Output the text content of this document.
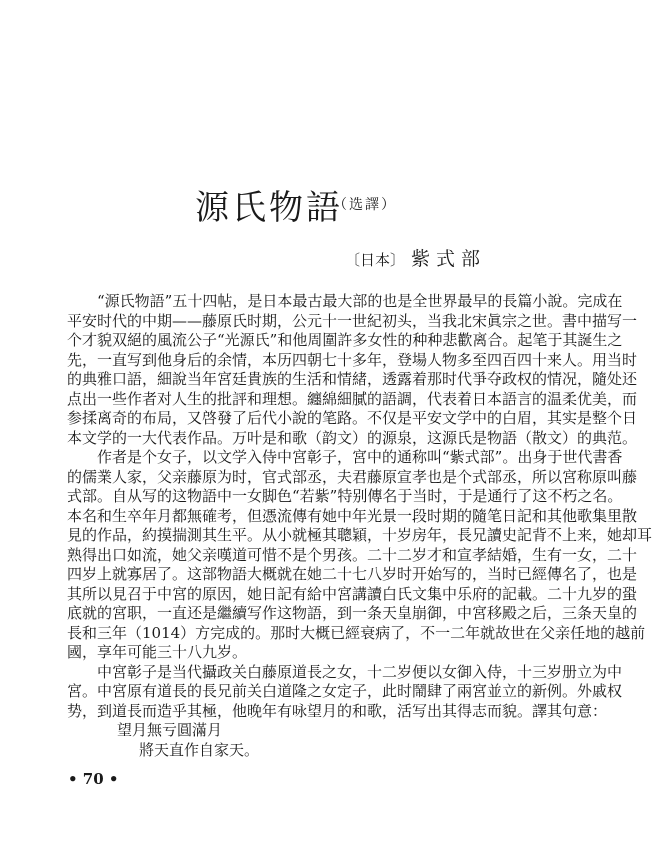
源氏物語
（选譯）
〔日本〕 紫式部
“源氏物語”五十四帖，是日本最古最大部的也是全世界最早的長篇小說。完成在
平安时代的中期——藤原氏时期，公元十一世紀初头，当我北宋眞宗之世。書中描写一
个才貌双絕的風流公子“光源氏”和他周圍許多女性的种种悲歡离合。起笔于其誕生之
先，一直写到他身后的余情，本历四朝七十多年，登場人物多至四百四十来人。用当时
的典雅口語，細說当年宮廷貴族的生活和情緒，透露着那时代爭夺政权的情况，隨处还
点出一些作者对人生的批評和理想。纏綿細膩的語調，代表着日本語言的温柔优美，而
参揉离奇的布局，又啓發了后代小說的笔路。不仅是平安文学中的白眉，其实是整个日
本文学的一大代表作品。万叶是和歌（韵文）的源泉，这源氏是物語（散文）的典范。
作者是个女子，以文学入侍中宮彰子，宮中的通称叫“紫式部”。出身于世代書香
的儒業人家，父亲藤原为时，官式部丞，夫君藤原宣孝也是个式部丞，所以宮称原叫藤
式部。自从写的这物語中一女脚色“若紫”特别傳名于当时，于是通行了这不朽之名。
本名和生卒年月都無確考，但憑流傳有她中年光景一段时期的隨笔日記和其他歌集里散
見的作品，約摸揣測其生平。从小就極其聰穎，十岁房年，長兄讀史記背不上来，她却耳
熟得出口如流，她父亲嘆道可惜不是个男孩。二十二岁才和宣孝結婚，生有一女，二十
四岁上就寡居了。这部物語大概就在她二十七八岁时开始写的，当时已經傳名了，也是
其所以見召于中宮的原因，她日記有給中宮講讀白氏文集中乐府的記載。二十九岁的蛩
底就的宮职，一直还是繼續写作这物語，到一条天皇崩御，中宮移殿之后，三条天皇的
長和三年（1014）方完成的。那时大概已經衰病了，不一二年就故世在父亲任地的越前
國，享年可能三十八九岁。
中宮彰子是当代攝政关白藤原道長之女，十二岁便以女御入侍，十三岁册立为中
宮。中宮原有道長的長兄前关白道隆之女定子，此时鬧肆了兩宮並立的新例。外戚权
势，到道長而造乎其極，他晚年有咏望月的和歌，活写出其得志而貌。譯其句意：
望月無亏圓滿月
將天直作自家天。
• 70 •
